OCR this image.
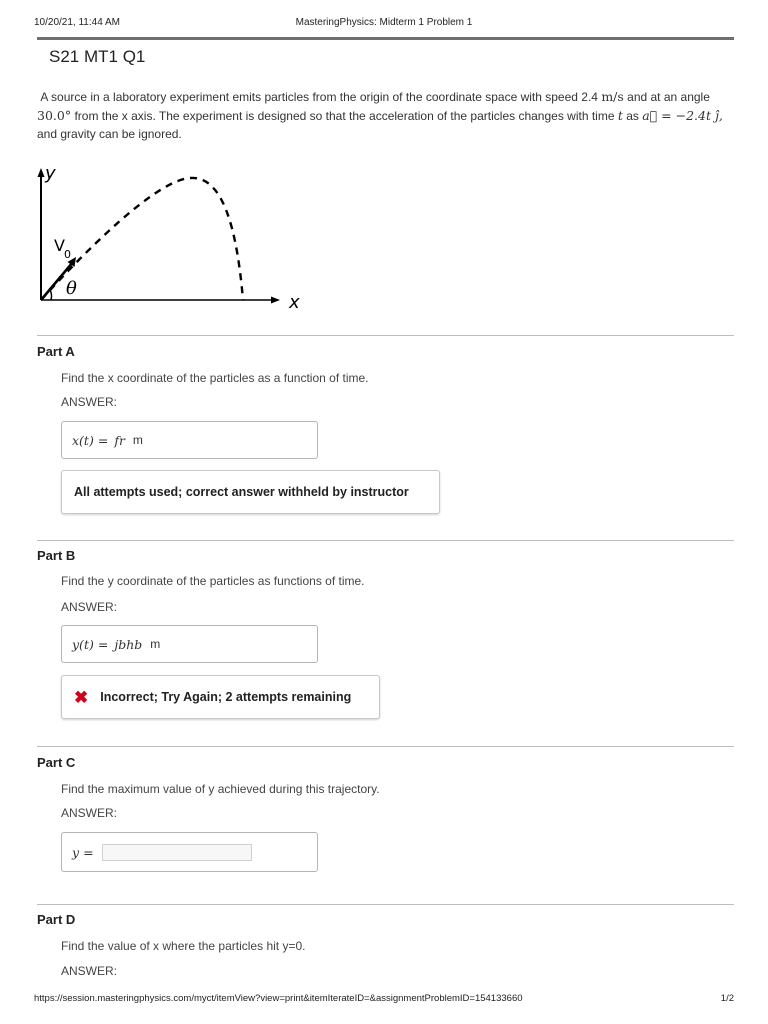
10/20/21, 11:44 AM	MasteringPhysics: Midterm 1 Problem 1
S21 MT1 Q1
A source in a laboratory experiment emits particles from the origin of the coordinate space with speed 2.4 m/s and at an angle 30.0° from the x axis. The experiment is designed so that the acceleration of the particles changes with time t as a⃗ = −2.4t ĵ,
and gravity can be ignored.
y
x
V 0
θ
Part A
Find the x coordinate of the particles as a function of time.
ANSWER:
x(t) = fr m
All attempts used; correct answer withheld by instructor
Part B
Find the y coordinate of the particles as functions of time.
ANSWER:
y(t) = jbhb m
✖ Incorrect; Try Again; 2 attempts remaining
Part C
Find the maximum value of y achieved during this trajectory.
ANSWER:
y =
Part D
Find the value of x where the particles hit y=0.
ANSWER:
https://session.masteringphysics.com/myct/itemView?view=print&itemIterateID=&assignmentProblemID=154133660	1/2
